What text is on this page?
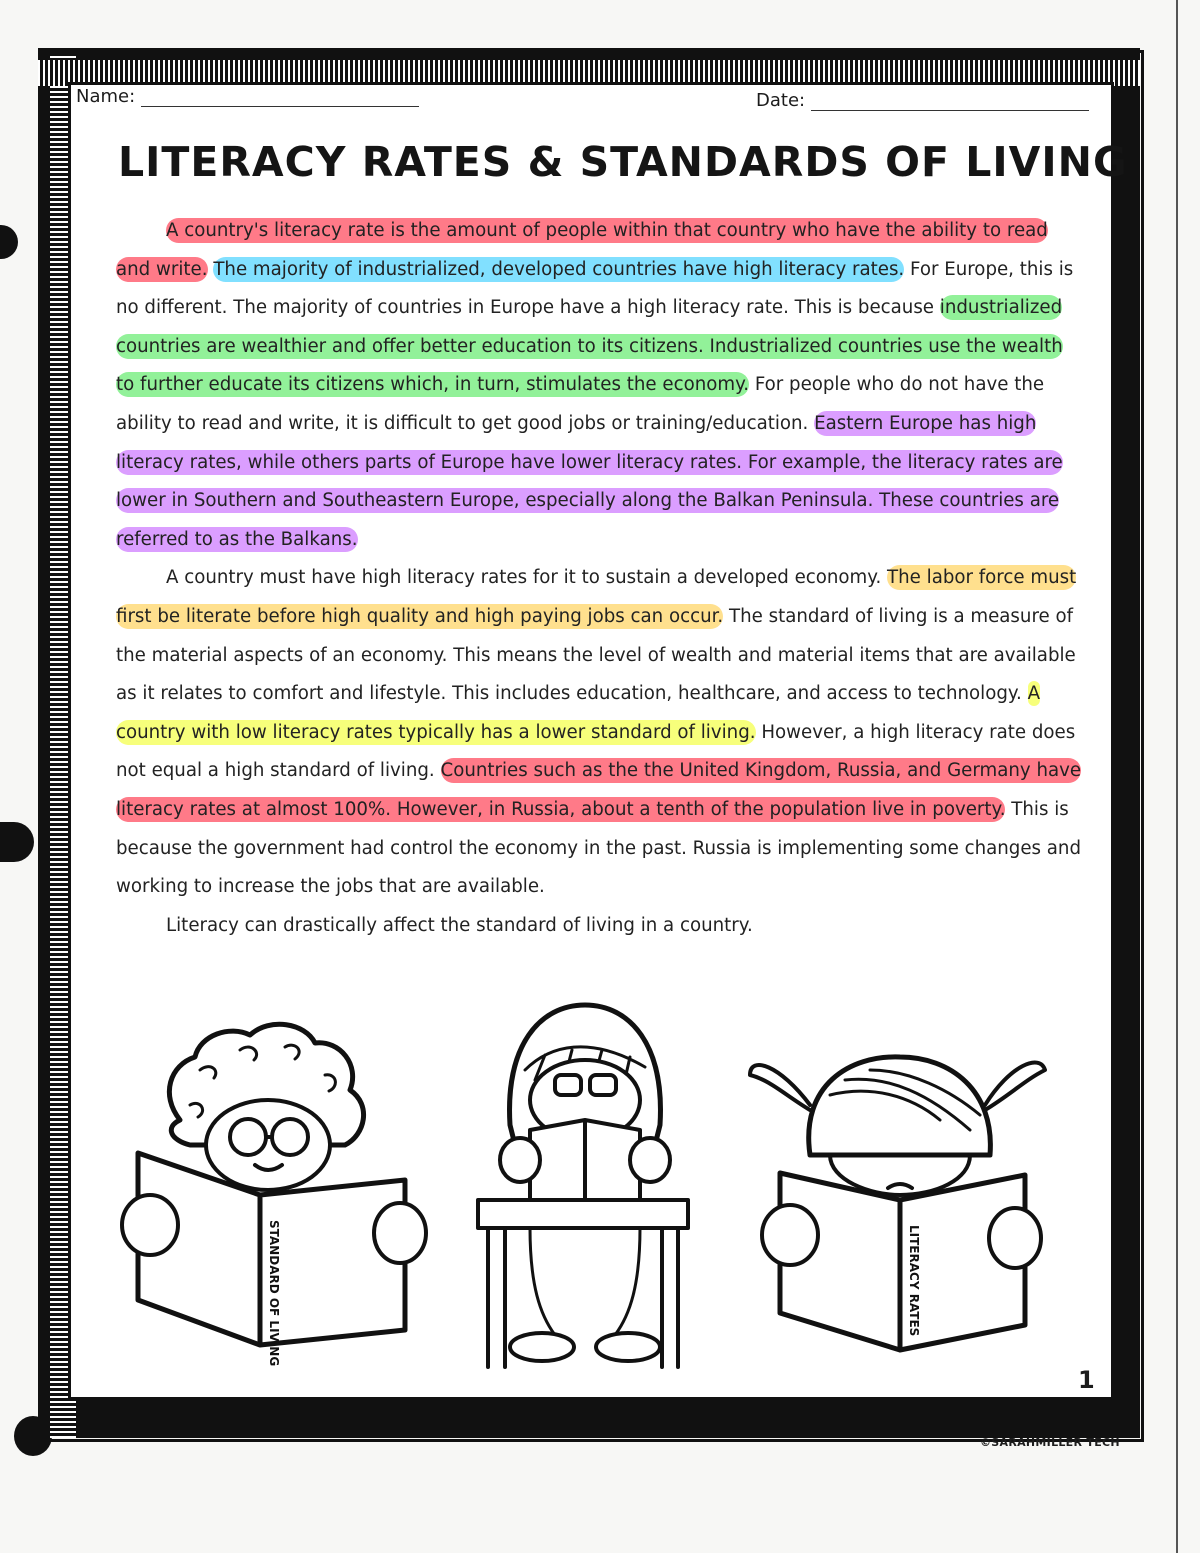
Name:	Date:
LITERACY RATES & STANDARDS OF LIVING

A country's literacy rate is the amount of people within that country who have the ability to read and write. The majority of industrialized, developed countries have high literacy rates. For Europe, this is no different. The majority of countries in Europe have a high literacy rate. This is because industrialized countries are wealthier and offer better education to its citizens. Industrialized countries use the wealth to further educate its citizens which, in turn, stimulates the economy. For people who do not have the ability to read and write, it is difficult to get good jobs or training/education. Eastern Europe has high literacy rates, while others parts of Europe have lower literacy rates. For example, the literacy rates are lower in Southern and Southeastern Europe, especially along the Balkan Peninsula. These countries are referred to as the Balkans.

A country must have high literacy rates for it to sustain a developed economy. The labor force must first be literate before high quality and high paying jobs can occur. The standard of living is a measure of the material aspects of an economy. This means the level of wealth and material items that are available as it relates to comfort and lifestyle. This includes education, healthcare, and access to technology. A country with low literacy rates typically has a lower standard of living. However, a high literacy rate does not equal a high standard of living. Countries such as the the United Kingdom, Russia, and Germany have literacy rates at almost 100%. However, in Russia, about a tenth of the population live in poverty. This is because the government had control the economy in the past. Russia is implementing some changes and working to increase the jobs that are available.

Literacy can drastically affect the standard of living in a country.

STANDARD OF LIVING	LITERACY RATES
1
©SARAHMILLER TECH
